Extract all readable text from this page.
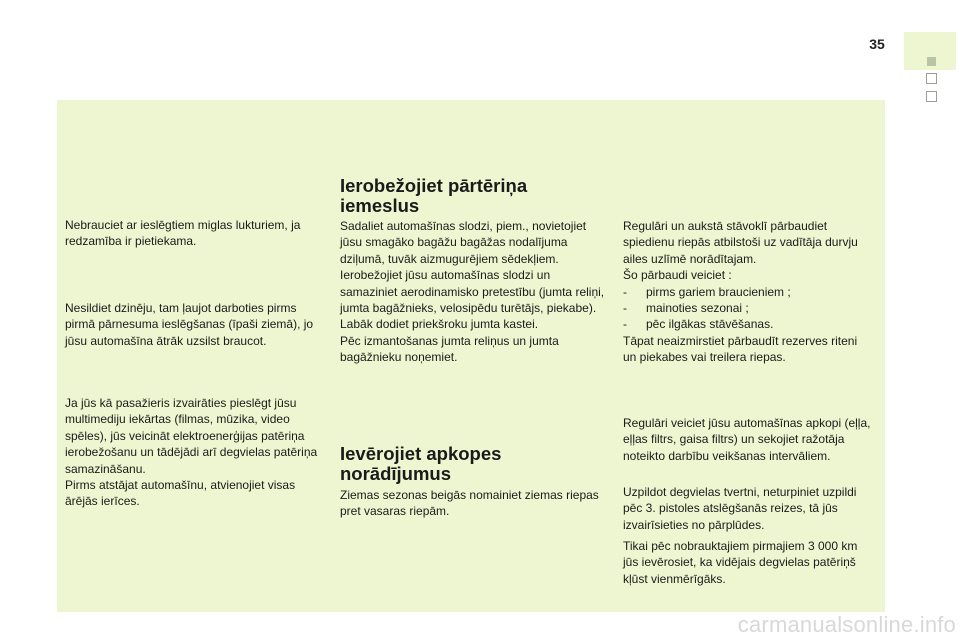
35

Nebrauciet ar ieslēgtiem miglas lukturiem, ja redzamība ir pietiekama.

Nesildiet dzinēju, tam ļaujot darboties pirms pirmā pārnesuma ieslēgšanas (īpaši ziemā), jo jūsu automašīna ātrāk uzsilst braucot.

Ja jūs kā pasažieris izvairāties pieslēgt jūsu multimediju iekārtas (filmas, mūzika, video spēles), jūs veicināt elektroenerģijas patēriņa ierobežošanu un tādējādi arī degvielas patēriņa samazināšanu.

Pirms atstājat automašīnu, atvienojiet visas ārējās ierīces.

Ierobežojiet pārtēriņa iemeslus

Sadaliet automašīnas slodzi, piem., novietojiet jūsu smagāko bagāžu bagāžas nodalījuma dziļumā, tuvāk aizmugurējiem sēdekļiem.

Ierobežojiet jūsu automašīnas slodzi un samaziniet aerodinamisko pretestību (jumta reliņi, jumta bagāžnieks, velosipēdu turētājs, piekabe). Labāk dodiet priekšroku jumta kastei.

Pēc izmantošanas jumta reliņus un jumta bagāžnieku noņemiet.

Ievērojiet apkopes norādījumus

Ziemas sezonas beigās nomainiet ziemas riepas pret vasaras riepām.

Regulāri un aukstā stāvoklī pārbaudiet spiedienu riepās atbilstoši uz vadītāja durvju ailes uzlīmē norādītajam.

Šo pārbaudi veiciet :

-	pirms gariem braucieniem ;
-	mainoties sezonai ;
-	pēc ilgākas stāvēšanas.

Tāpat neaizmirstiet pārbaudīt rezerves riteni un piekabes vai treilera riepas.

Regulāri veiciet jūsu automašīnas apkopi (eļļa, eļļas filtrs, gaisa filtrs) un sekojiet ražotāja noteikto darbību veikšanas intervāliem.

Uzpildot degvielas tvertni, neturpiniet uzpildi pēc 3. pistoles atslēgšanās reizes, tā jūs izvairīsieties no pārplūdes.

Tikai pēc nobrauktajiem pirmajiem 3 000 km jūs ievērosiet, ka vidējais degvielas patēriņš kļūst vienmērīgāks.

carmanualsonline.info
